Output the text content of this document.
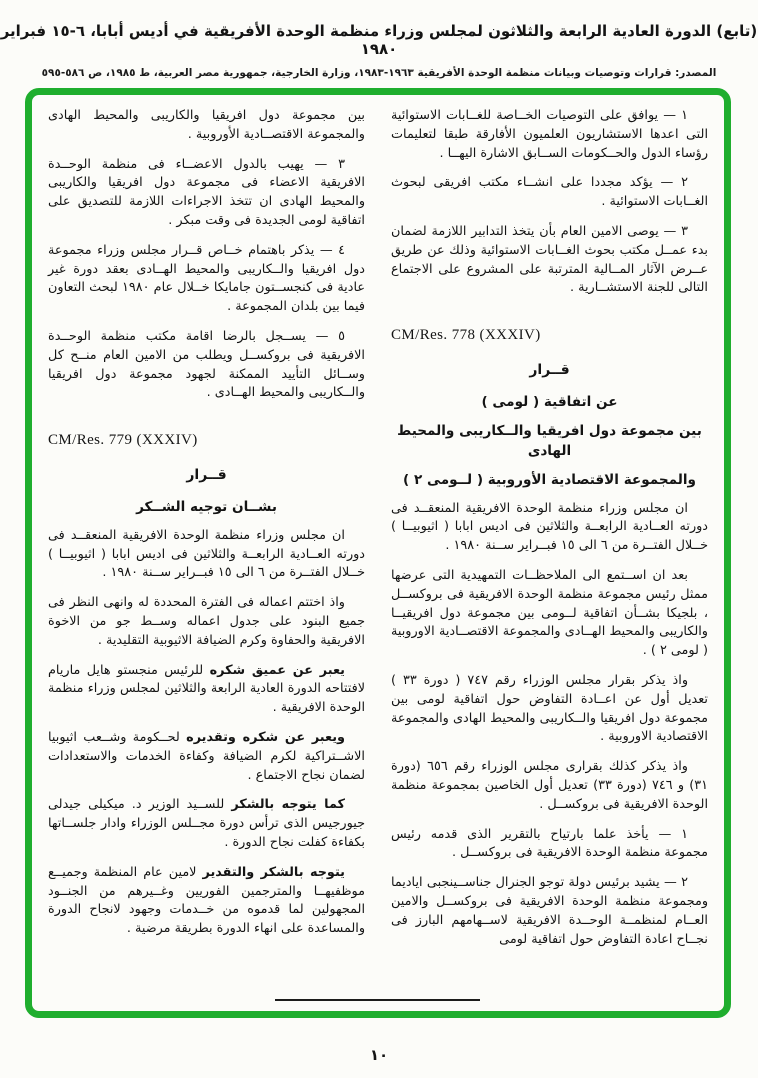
(تابع) الدورة العادية الرابعة والثلاثون لمجلس وزراء منظمة الوحدة الأفريقية في أديس أبابا، ٦-١٥ فبراير ١٩٨٠
المصدر: قرارات وتوصيات وبيانات منظمة الوحدة الأفريقية ١٩٦٣-١٩٨٣، وزارة الخارجية، جمهورية مصر العربية، ط ١٩٨٥، ص ٥٨٦-٥٩٥
١ — يوافق على التوصيات الخــاصة للغــابات الاستوائية التى اعدها الاستشاريون العلميون الأفارقة طبقا لتعليمات رؤساء الدول والحــكومات الســابق الاشارة اليهــا .
٢ — يؤكد مجددا على انشــاء مكتب افريقى لبحوث الغــابات الاستوائية .
٣ — يوصى الامين العام بأن يتخذ التدابير اللازمة لضمان بدء عمــل مكتب بحوث الغــابات الاستوائية وذلك عن طريق عــرض الآثار المــالية المترتبة على المشروع على الاجتماع التالى للجنة الاستشــارية .
CM/Res. 778 (XXXIV)
قــرار
عن اتفاقية ( لومى )
بين مجموعة دول افريقيا والــكاريبى والمحيط الهادى
والمجموعة الاقتصادية الأوروبية ( لــومى ٢ )
ان مجلس وزراء منظمة الوحدة الافريقية المنعقــد فى دورته العــادية الرابعــة والثلاثين فى اديس ابابا ( اثيوبيــا ) خــلال الفتــرة من ٦ الى ١٥ فبــراير ســنة ١٩٨٠ .
بعد ان اســتمع الى الملاحظــات التمهيدية التى عرضها ممثل رئيس مجموعة منظمة الوحدة الافريقية فى بروكســل ، بلجيكا بشــأن اتفاقية لــومى بين مجموعة دول افريقيــا والكاريبى والمحيط الهــادى والمجموعة الاقتصــادية الاوروبية ( لومى ٢ ) .
واذ يذكر بقرار مجلس الوزراء رقم ٧٤٧ ( دورة ٣٣ ) تعديل أول عن اعــادة التفاوض حول اتفاقية لومى بين مجموعة دول افريقيا والــكاريبى والمحيط الهادى والمجموعة الاقتصادية الاوروبية .
واذ يذكر كذلك بقرارى مجلس الوزراء رقم ٦٥٦ (دورة ٣١) و ٧٤٦ (دورة ٣٣) تعديل أول الخاصين بمجموعة منظمة الوحدة الافريقية فى بروكســل .
١ — يأخذ علما بارتياح بالتقرير الذى قدمه رئيس مجموعة منظمة الوحدة الافريقية فى بروكســل .
٢ — يشيد برئيس دولة توجو الجنرال جناســينجبى اياديما ومجموعة منظمة الوحدة الافريقية فى بروكســل والامين العــام لمنظمــة الوحــدة الافريقية لاســهامهم البارز فى نجــاح اعادة التفاوض حول اتفاقية لومى
بين مجموعة دول افريقيا والكاريبى والمحيط الهادى والمجموعة الاقتصــادية الأوروبية .
٣ — يهيب بالدول الاعضــاء فى منظمة الوحــدة الافريقية الاعضاء فى مجموعة دول افريقيا والكاريبى والمحيط الهادى ان تتخذ الاجراءات اللازمة للتصديق على اتفاقية لومى الجديدة فى وقت مبكر .
٤ — يذكر باهتمام خــاص قــرار مجلس وزراء مجموعة دول افريقيا والــكاريبى والمحيط الهــادى بعقد دورة غير عادية فى كنجســتون جامايكا خــلال عام ١٩٨٠ لبحث التعاون فيما بين بلدان المجموعة .
٥ — يســجل بالرضا اقامة مكتب منظمة الوحــدة الافريقية فى بروكســل ويطلب من الامين العام منــح كل وســائل التأييد الممكنة لجهود مجموعة دول افريقيا والــكاريبى والمحيط الهــادى .
CM/Res. 779 (XXXIV)
قــرار
بشــان توجيه الشــكر
ان مجلس وزراء منظمة الوحدة الافريقية المنعقــد فى دورته العــادية الرابعــة والثلاثين فى اديس ابابا ( اثيوبيــا ) خــلال الفتــرة من ٦ الى ١٥ فبــراير ســنة ١٩٨٠ .
واذ اختتم اعماله فى الفترة المحددة له وانهى النظر فى جميع البنود على جدول اعماله وســط جو من الاخوة الافريقية والحفاوة وكرم الضيافة الاثيوبية التقليدية .
يعبر عن عميق شكره للرئيس منجستو هايل ماريام لافتتاحه الدورة العادية الرابعة والثلاثين لمجلس وزراء منظمة الوحدة الافريقية .
ويعبر عن شكره وتقديره لحــكومة وشــعب اثيوبيا الاشــتراكية لكرم الضيافة وكفاءة الخدمات والاستعدادات لضمان نجاح الاجتماع .
كما يتوجه بالشكر للســيد الوزير د. ميكيلى جيدلى جيورجيس الذى ترأس دورة مجــلس الوزراء وادار جلســاتها بكفاءة كفلت نجاح الدورة .
يتوجه بالشكر والتقدير لامين عام المنظمة وجميــع موظفيهــا والمترجمين الفوريين وغــيرهم من الجنــود المجهولين لما قدموه من خــدمات وجهود لانجاح الدورة والمساعدة على انهاء الدورة بطريقة مرضية .
١٠
